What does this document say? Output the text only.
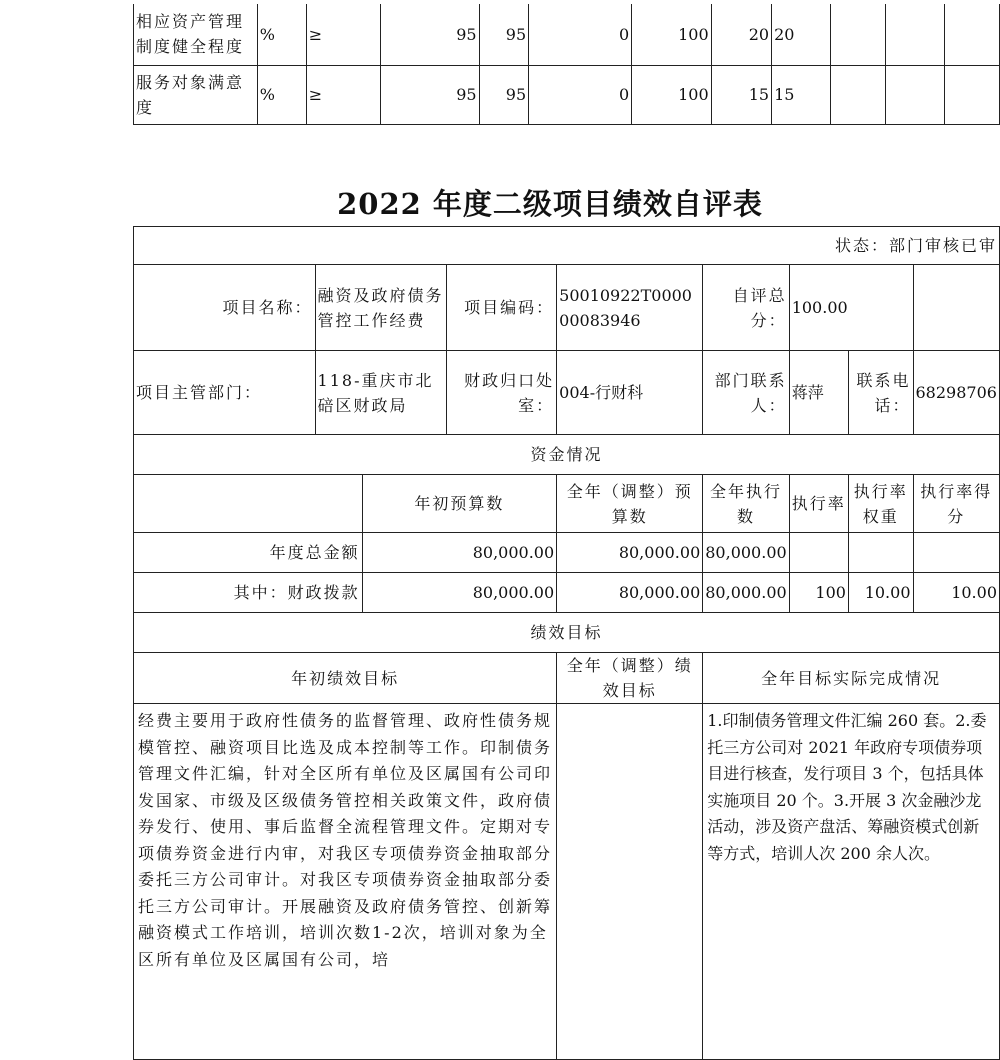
相应资产管理制度健全程度	%	≥	95	95	0	100	20	20			
服务对象满意度	%	≥	95	95	0	100	15	15			
2022 年度二级项目绩效自评表
状态：部门审核已审								
项目名称：	融资及政府债务管控工作经费		项目编码：	50010922T000000083946	自评总分：	100.00		
项目主管部门：	118-重庆市北碚区财政局		财政归口处室：	004-行财科	部门联系人：	蒋萍	联系电话：	68298706
资金情况								
		年初预算数		全年（调整）预算数	全年执行数	执行率	执行率权重	执行率得分
年度总金额		80,000.00		80,000.00	80,000.00			
其中：财政拨款		80,000.00		80,000.00	80,000.00	100	10.00	10.00
绩效目标								
年初绩效目标				全年（调整）绩效目标	全年目标实际完成情况			
经费主要用于政府性债务的监督管理、政府性债务规模管控、融资项目比选及成本控制等工作。印制债务管理文件汇编，针对全区所有单位及区属国有公司印发国家、市级及区级债务管控相关政策文件，政府债券发行、使用、事后监督全流程管理文件。定期对专项债券资金进行内审，对我区专项债券资金抽取部分委托三方公司审计。对我区专项债券资金抽取部分委托三方公司审计。开展融资及政府债务管控、创新筹融资模式工作培训，培训次数1-2次，培训对象为全区所有单位及区属国有公司，培					1.印制债务管理文件汇编 260 套。2.委托三方公司对 2021 年政府专项债券项目进行核查，发行项目 3 个，包括具体实施项目 20 个。3.开展 3 次金融沙龙活动，涉及资产盘活、筹融资模式创新等方式，培训人次 200 余人次。			
